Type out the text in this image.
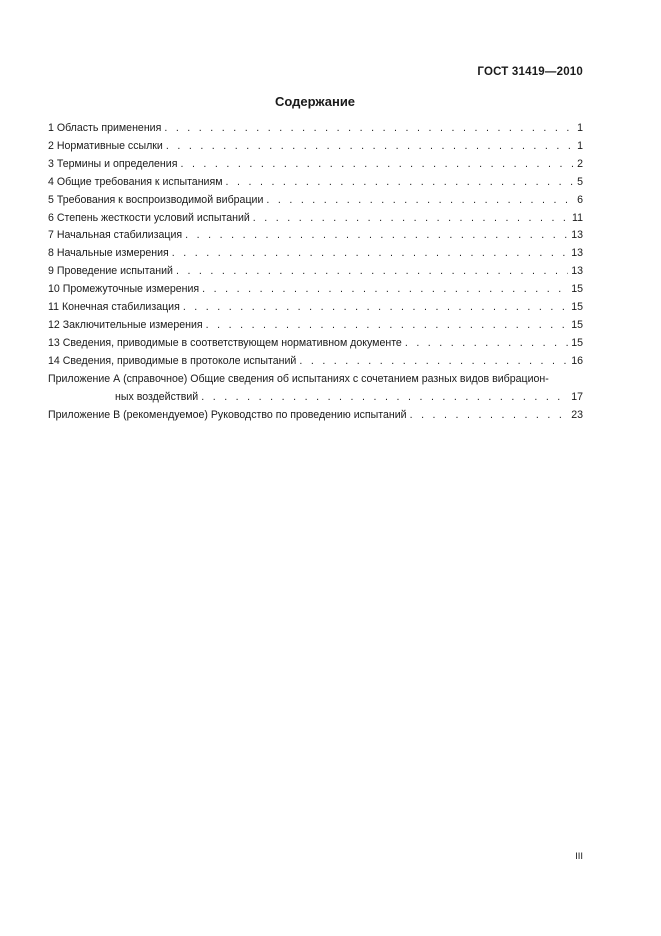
ГОСТ 31419—2010
Содержание
1 Область применения . . .	1
2 Нормативные ссылки . . .	1
3 Термины и определения . . .	2
4 Общие требования к испытаниям . . .	5
5 Требования к воспроизводимой вибрации . . .	6
6 Степень жесткости условий испытаний . . .	11
7 Начальная стабилизация . . .	13
8 Начальные измерения . . .	13
9 Проведение испытаний . . .	13
10 Промежуточные измерения . . .	15
11 Конечная стабилизация . . .	15
12 Заключительные измерения . . .	15
13 Сведения, приводимые в соответствующем нормативном документе . . .	15
14 Сведения, приводимые в протоколе испытаний . . .	16
Приложение А (справочное) Общие сведения об испытаниях с сочетанием разных видов вибрацион-
ных воздействий . . .	17
Приложение В (рекомендуемое) Руководство по проведению испытаний . . .	23
III
